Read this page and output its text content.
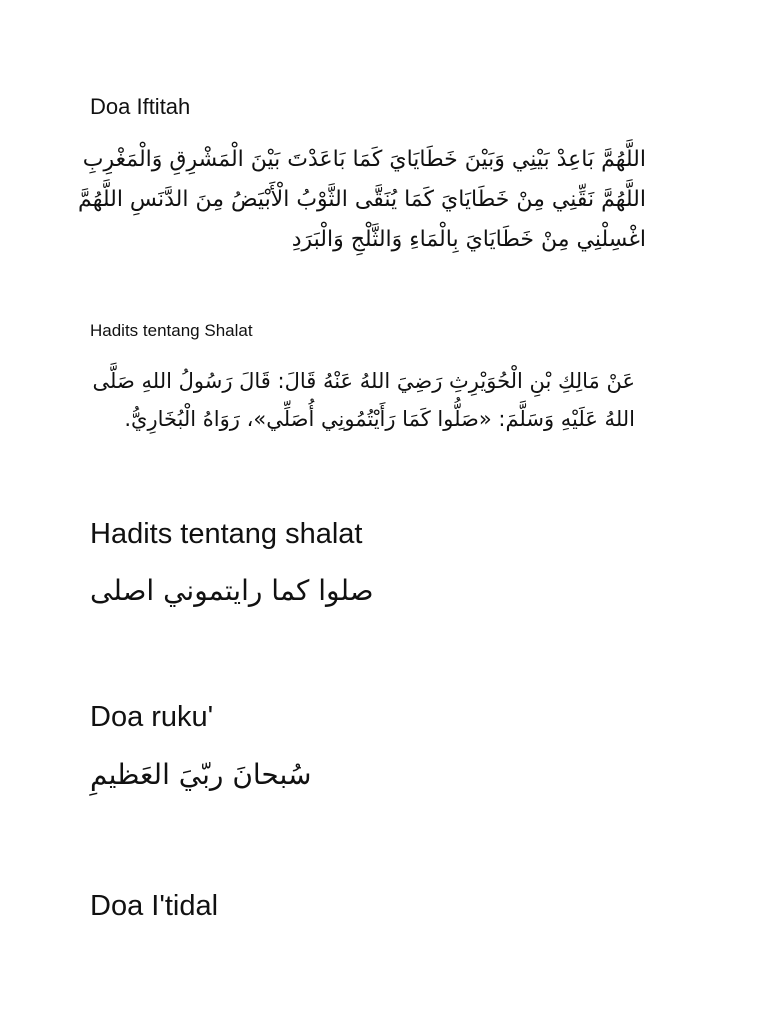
Doa Iftitah
اللَّهُمَّ بَاعِدْ بَيْنِي وَبَيْنَ خَطَايَايَ كَمَا بَاعَدْتَ بَيْنَ الْمَشْرِقِ وَالْمَغْرِبِ
اللَّهُمَّ نَقِّنِي مِنْ خَطَايَايَ كَمَا يُنَقَّى الثَّوْبُ الْأَبْيَضُ مِنَ الدَّنَسِ اللَّهُمَّ
اغْسِلْنِي مِنْ خَطَايَايَ بِالْمَاءِ وَالثَّلْجِ وَالْبَرَدِ
Hadits tentang Shalat
عَنْ مَالِكِ بْنِ الْحُوَيْرِثِ رَضِيَ اللهُ عَنْهُ قَالَ: قَالَ رَسُولُ اللهِ صَلَّى
اللهُ عَلَيْهِ وَسَلَّمَ: «صَلُّوا كَمَا رَأَيْتُمُونِي أُصَلِّي»، رَوَاهُ الْبُخَارِيُّ.
Hadits tentang shalat
صلوا كما رايتموني اصلى
Doa ruku'
سُبحانَ ربّيَ العَظيمِ
Doa I'tidal
